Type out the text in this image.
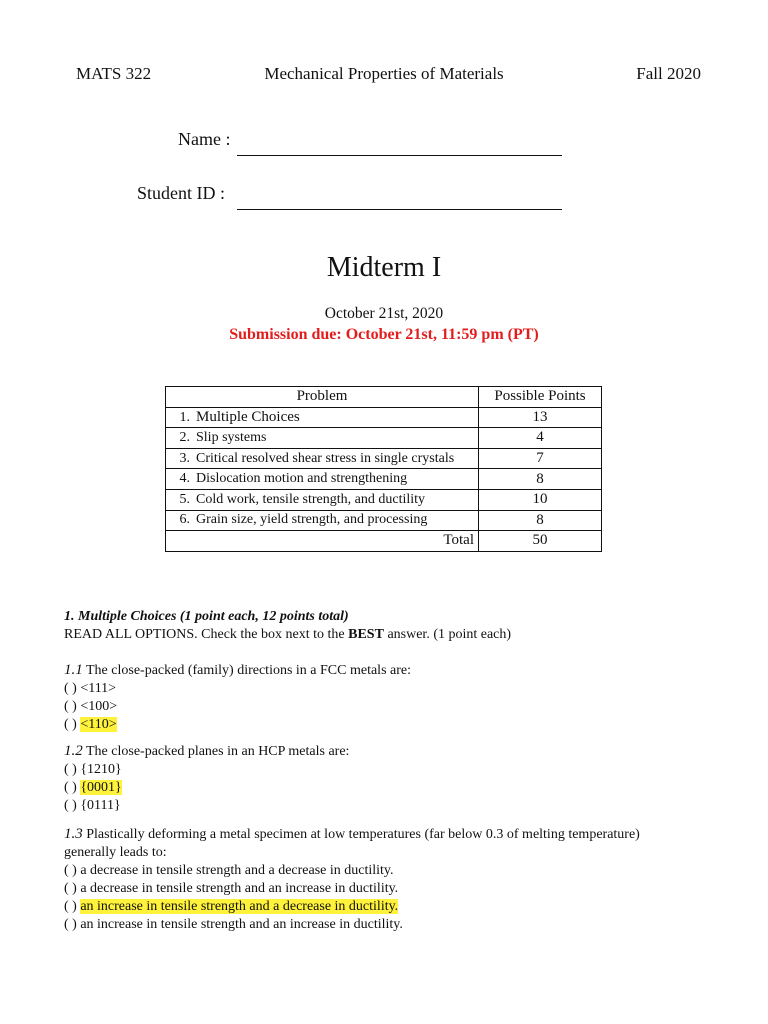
MATS 322	Mechanical Properties of Materials	Fall 2020
Name :
Student ID :
Midterm I
October 21st, 2020
Submission due: October 21st, 11:59 pm (PT)
Problem	Possible Points
1. Multiple Choices	13
2. Slip systems	4
3. Critical resolved shear stress in single crystals	7
4. Dislocation motion and strengthening	8
5. Cold work, tensile strength, and ductility	10
6. Grain size, yield strength, and processing	8
Total	50
1. Multiple Choices (1 point each, 12 points total)
READ ALL OPTIONS. Check the box next to the BEST answer. (1 point each)
1.1 The close-packed (family) directions in a FCC metals are:
( ) <111>
( ) <100>
( ) <110>
1.2 The close-packed planes in an HCP metals are:
( ) {1210}
( ) {0001}
( ) {0111}
1.3 Plastically deforming a metal specimen at low temperatures (far below 0.3 of melting temperature)
generally leads to:
( ) a decrease in tensile strength and a decrease in ductility.
( ) a decrease in tensile strength and an increase in ductility.
( ) an increase in tensile strength and a decrease in ductility.
( ) an increase in tensile strength and an increase in ductility.
